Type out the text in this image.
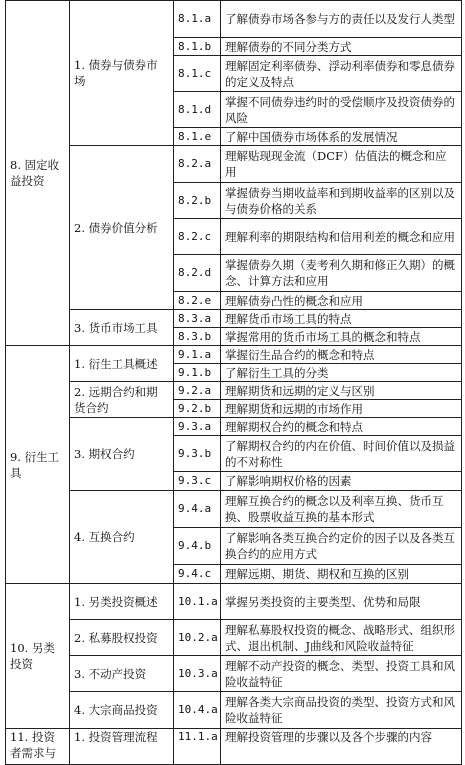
8. 固定收益投资	1. 债券与债券市场	8.1.a	了解债券市场各参与方的责任以及发行人类型
		8.1.b	理解债券的不同分类方式
		8.1.c	理解固定利率债券、浮动利率债券和零息债券的定义及特点
		8.1.d	掌握不同债券违约时的受偿顺序及投资债券的风险
		8.1.e	了解中国债券市场体系的发展情况
	2. 债券价值分析	8.2.a	理解贴现现金流（DCF）估值法的概念和应用
		8.2.b	掌握债券当期收益率和到期收益率的区别以及与债券价格的关系
		8.2.c	理解利率的期限结构和信用利差的概念和应用
		8.2.d	掌握债券久期（麦考利久期和修正久期）的概念、计算方法和应用
		8.2.e	理解债券凸性的概念和应用
	3. 货币市场工具	8.3.a	理解货币市场工具的特点
		8.3.b	掌握常用的货币市场工具的概念和特点
9. 衍生工具	1. 衍生工具概述	9.1.a	掌握衍生品合约的概念和特点
		9.1.b	了解衍生工具的分类
	2. 远期合约和期货合约	9.2.a	理解期货和远期的定义与区别
		9.2.b	理解期货和远期的市场作用
	3. 期权合约	9.3.a	理解期权合约的概念和特点
		9.3.b	了解期权合约的内在价值、时间价值以及损益的不对称性
		9.3.c	了解影响期权价格的因素
	4. 互换合约	9.4.a	理解互换合约的概念以及利率互换、货币互换、股票收益互换的基本形式
		9.4.b	了解影响各类互换合约定价的因子以及各类互换合约的应用方式
		9.4.c	理解远期、期货、期权和互换的区别
10. 另类投资	1. 另类投资概述	10.1.a	掌握另类投资的主要类型、优势和局限
	2. 私募股权投资	10.2.a	理解私募股权投资的概念、战略形式、组织形式、退出机制、J曲线和风险收益特征
	3. 不动产投资	10.3.a	理解不动产投资的概念、类型、投资工具和风险收益特征
	4. 大宗商品投资	10.4.a	理解各类大宗商品投资的类型、投资方式和风险收益特征
11. 投资者需求与	1. 投资管理流程	11.1.a	理解投资管理的步骤以及各个步骤的内容
